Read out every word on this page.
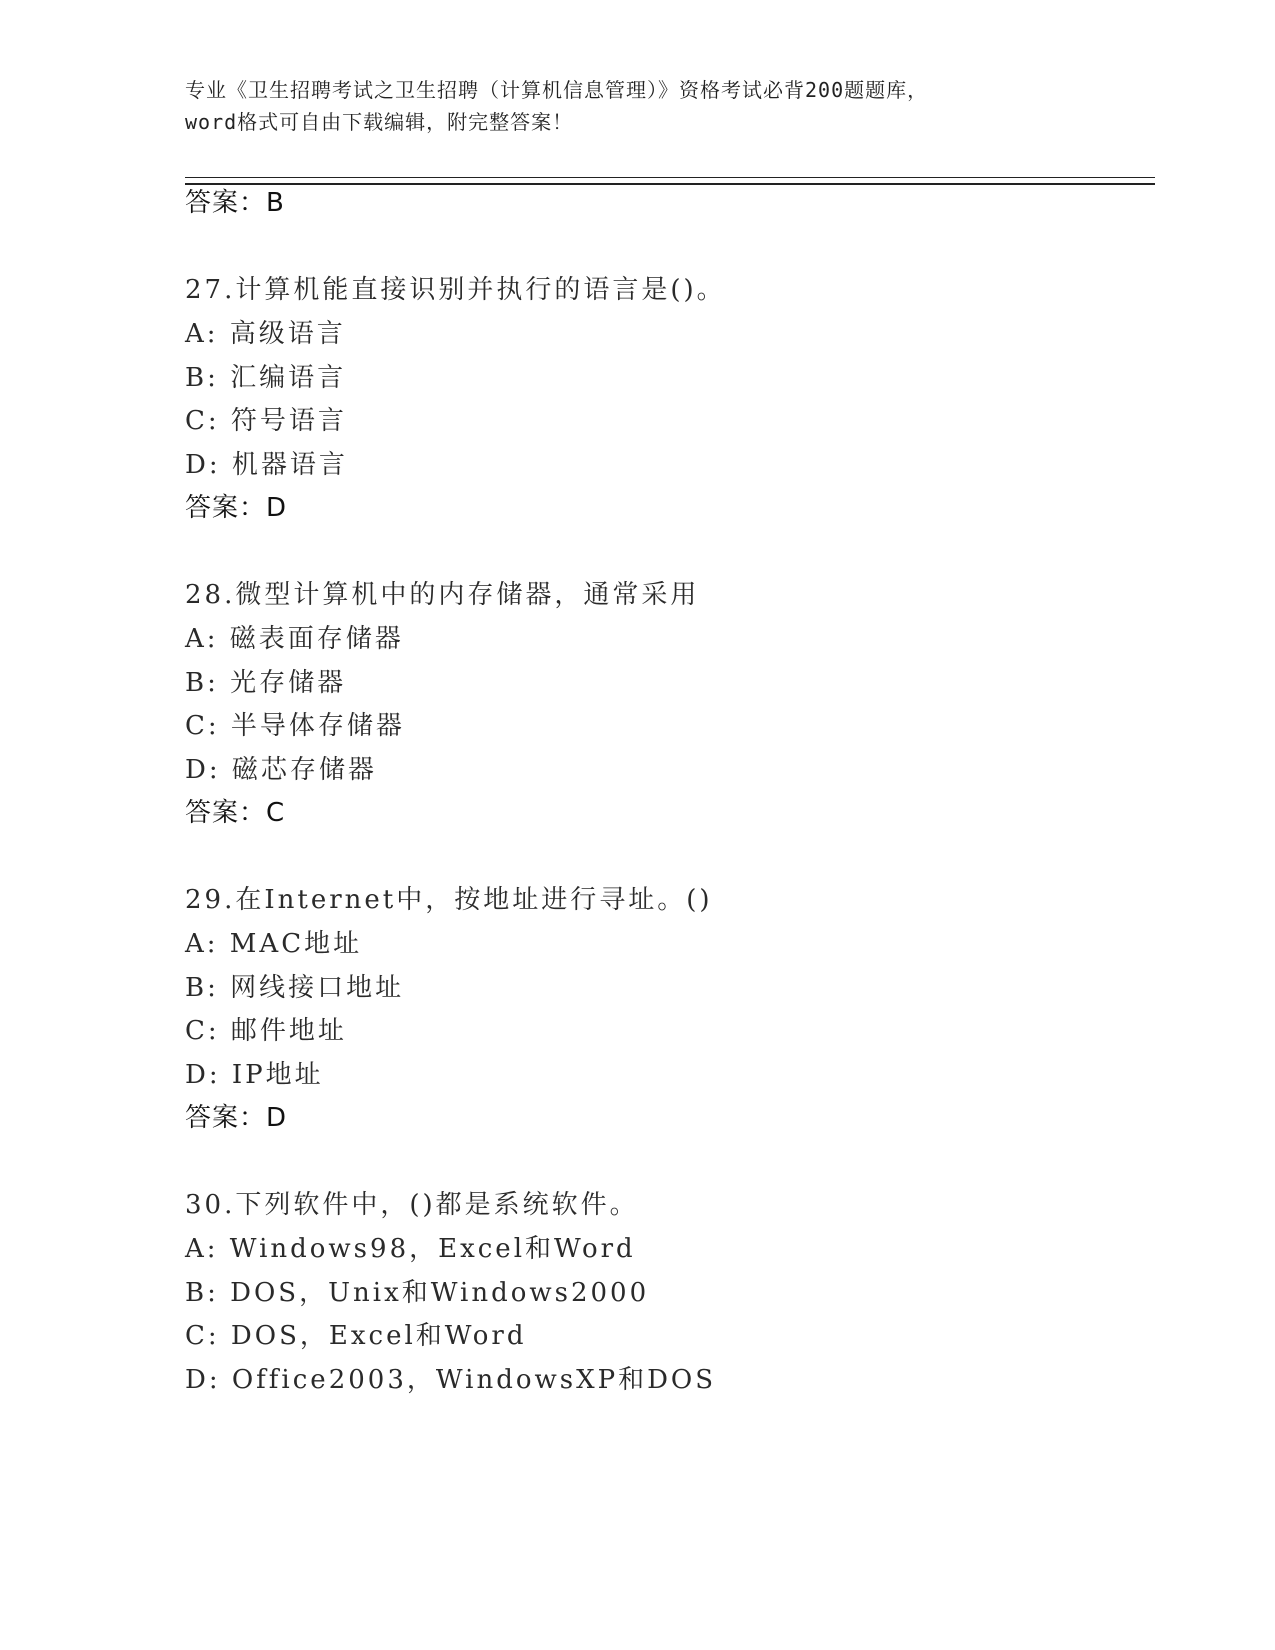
专业《卫生招聘考试之卫生招聘（计算机信息管理）》资格考试必背200题题库，
word格式可自由下载编辑，附完整答案！
答案：B
27.计算机能直接识别并执行的语言是()。
A: 高级语言
B: 汇编语言
C: 符号语言
D: 机器语言
答案：D
28.微型计算机中的内存储器，通常采用
A: 磁表面存储器
B: 光存储器
C: 半导体存储器
D: 磁芯存储器
答案：C
29.在Internet中，按地址进行寻址。()
A: MAC地址
B: 网线接口地址
C: 邮件地址
D: IP地址
答案：D
30.下列软件中，()都是系统软件。
A: Windows98，Excel和Word
B: DOS，Unix和Windows2000
C: DOS，Excel和Word
D: Office2003，WindowsXP和DOS
